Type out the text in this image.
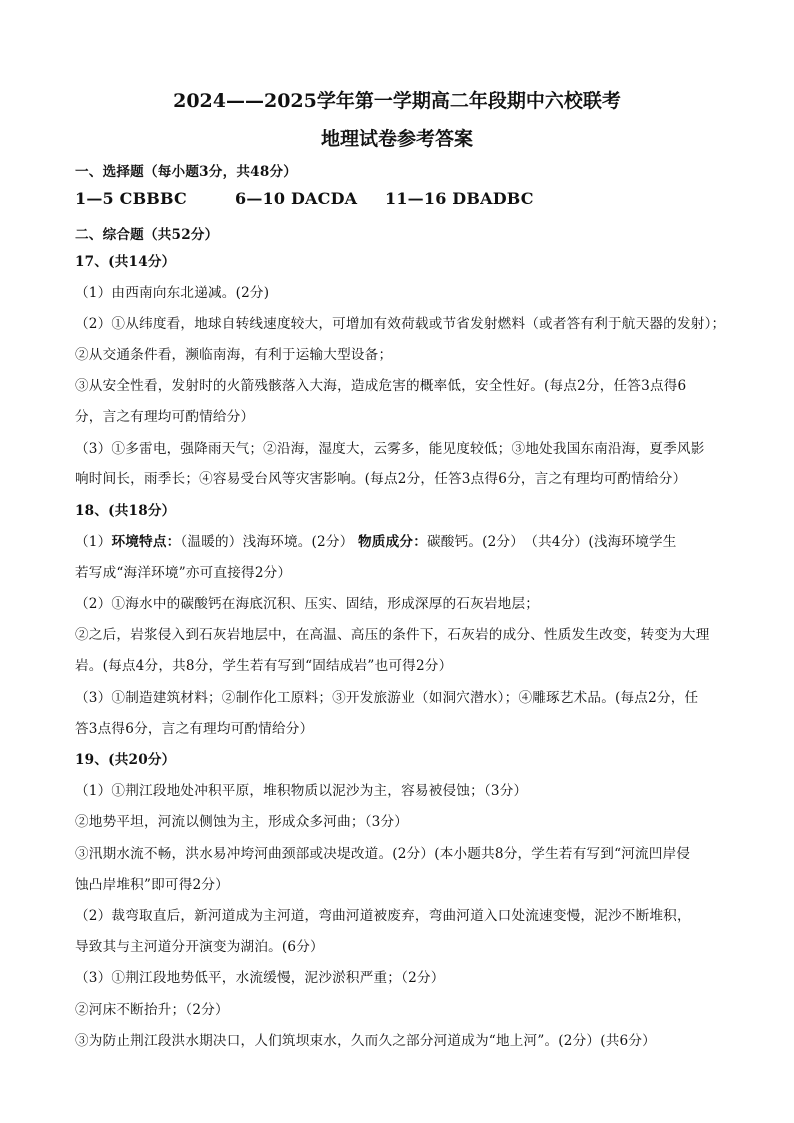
2024——2025学年第一学期高二年段期中六校联考
地理试卷参考答案
一、选择题（每小题3分，共48分）
1—5 CBBBC	6—10 DACDA 11—16 DBADBC
二、综合题（共52分）
17、(共14分）
（1）由西南向东北递减。(2分)
（2）①从纬度看，地球自转线速度较大，可增加有效荷载或节省发射燃料（或者答有利于航天器的发射）；
②从交通条件看，濒临南海，有利于运输大型设备；
③从安全性看，发射时的火箭残骸落入大海，造成危害的概率低，安全性好。(每点2分，任答3点得6
分，言之有理均可酌情给分）
（3）①多雷电，强降雨天气；②沿海，湿度大，云雾多，能见度较低；③地处我国东南沿海，夏季风影
响时间长，雨季长；④容易受台风等灾害影响。(每点2分，任答3点得6分，言之有理均可酌情给分）
18、(共18分）
（1）环境特点：（温暖的）浅海环境。(2分） 物质成分：碳酸钙。(2分）　（共4分）(浅海环境学生
若写成“海洋环境”亦可直接得2分）
（2）①海水中的碳酸钙在海底沉积、压实、固结，形成深厚的石灰岩地层；
②之后，岩浆侵入到石灰岩地层中，在高温、高压的条件下，石灰岩的成分、性质发生改变，转变为大理
岩。(每点4分，共8分，学生若有写到“固结成岩”也可得2分）
（3）①制造建筑材料；②制作化工原料；③开发旅游业（如洞穴潜水）；④雕琢艺术品。(每点2分，任
答3点得6分，言之有理均可酌情给分）
19、(共20分）
（1）①荆江段地处冲积平原，堆积物质以泥沙为主，容易被侵蚀；（3分）
②地势平坦，河流以侧蚀为主，形成众多河曲；（3分）
③汛期水流不畅，洪水易冲垮河曲颈部或决堤改道。(2分）(本小题共8分，学生若有写到“河流凹岸侵
蚀凸岸堆积”即可得2分）
（2）裁弯取直后，新河道成为主河道，弯曲河道被废弃，弯曲河道入口处流速变慢，泥沙不断堆积，
导致其与主河道分开演变为湖泊。(6分）
（3）①荆江段地势低平，水流缓慢，泥沙淤积严重；（2分）
②河床不断抬升；（2分）
③为防止荆江段洪水期决口，人们筑坝束水，久而久之部分河道成为“地上河”。(2分）(共6分）
